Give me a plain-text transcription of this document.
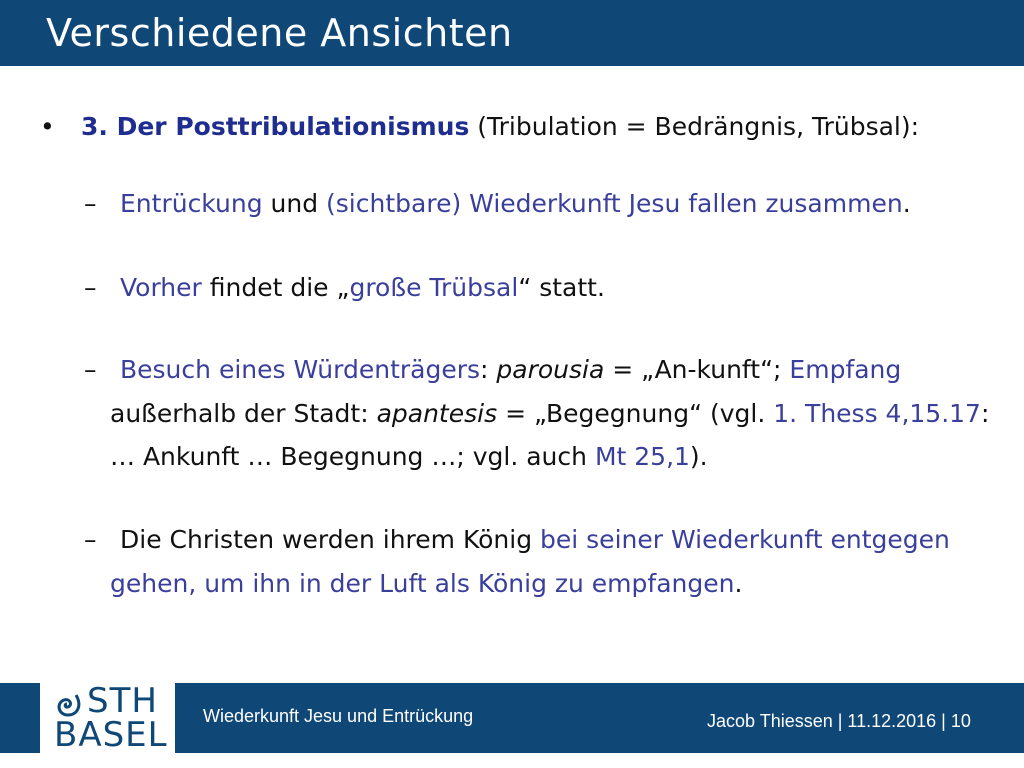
Verschiedene Ansichten
• 3. Der Posttribulationismus (Tribulation = Bedrängnis, Trübsal):
– Entrückung und (sichtbare) Wiederkunft Jesu fallen zusammen.
– Vorher findet die „große Trübsal“ statt.
– Besuch eines Würdenträgers: parousia = „An-kunft“; Empfang
außerhalb der Stadt: apantesis = „Begegnung“ (vgl. 1. Thess 4,15.17:
… Ankunft … Begegnung …; vgl. auch Mt 25,1).
– Die Christen werden ihrem König bei seiner Wiederkunft entgegen
gehen, um ihn in der Luft als König zu empfangen.
STH
BASEL Wiederkunft Jesu und Entrückung	Jacob Thiessen | 11.12.2016 | 10
